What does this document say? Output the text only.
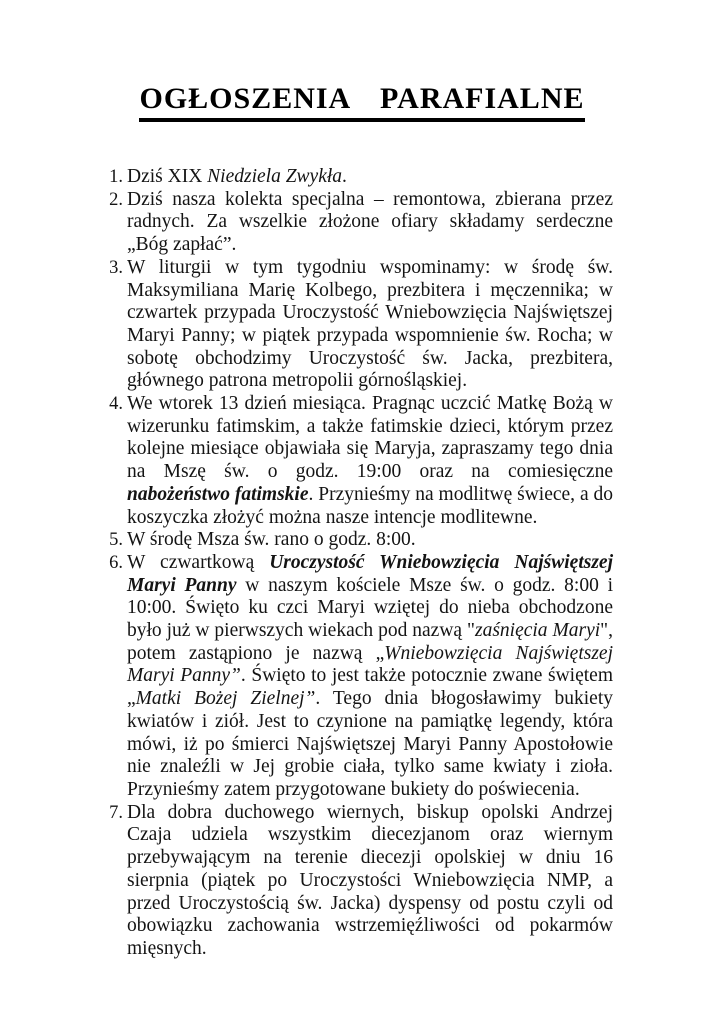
OGŁOSZENIA PARAFIALNE
1. Dziś XIX Niedziela Zwykła.
2. Dziś nasza kolekta specjalna – remontowa, zbierana przez radnych. Za wszelkie złożone ofiary składamy serdeczne „Bóg zapłać”.
3. W liturgii w tym tygodniu wspominamy: w środę św. Maksymiliana Marię Kolbego, prezbitera i męczennika; w czwartek przypada Uroczystość Wniebowzięcia Najświętszej Maryi Panny; w piątek przypada wspomnienie św. Rocha; w sobotę obchodzimy Uroczystość św. Jacka, prezbitera, głównego patrona metropolii górnośląskiej.
4. We wtorek 13 dzień miesiąca. Pragnąc uczcić Matkę Bożą w wizerunku fatimskim, a także fatimskie dzieci, którym przez kolejne miesiące objawiała się Maryja, zapraszamy tego dnia na Mszę św. o godz. 19:00 oraz na comiesięczne nabożeństwo fatimskie. Przynieśmy na modlitwę świece, a do koszyczka złożyć można nasze intencje modlitewne.
5. W środę Msza św. rano o godz. 8:00.
6. W czwartkową Uroczystość Wniebowzięcia Najświętszej Maryi Panny w naszym kościele Msze św. o godz. 8:00 i 10:00. Święto ku czci Maryi wziętej do nieba obchodzone było już w pierwszych wiekach pod nazwą "zaśnięcia Maryi", potem zastąpiono je nazwą „Wniebowzięcia Najświętszej Maryi Panny”. Święto to jest także potocznie zwane świętem „Matki Bożej Zielnej”. Tego dnia błogosławimy bukiety kwiatów i ziół. Jest to czynione na pamiątkę legendy, która mówi, iż po śmierci Najświętszej Maryi Panny Apostołowie nie znaleźli w Jej grobie ciała, tylko same kwiaty i zioła. Przynieśmy zatem przygotowane bukiety do poświecenia.
7. Dla dobra duchowego wiernych, biskup opolski Andrzej Czaja udziela wszystkim diecezjanom oraz wiernym przebywającym na terenie diecezji opolskiej w dniu 16 sierpnia (piątek po Uroczystości Wniebowzięcia NMP, a przed Uroczystością św. Jacka) dyspensy od postu czyli od obowiązku zachowania wstrzemięźliwości od pokarmów mięsnych.
